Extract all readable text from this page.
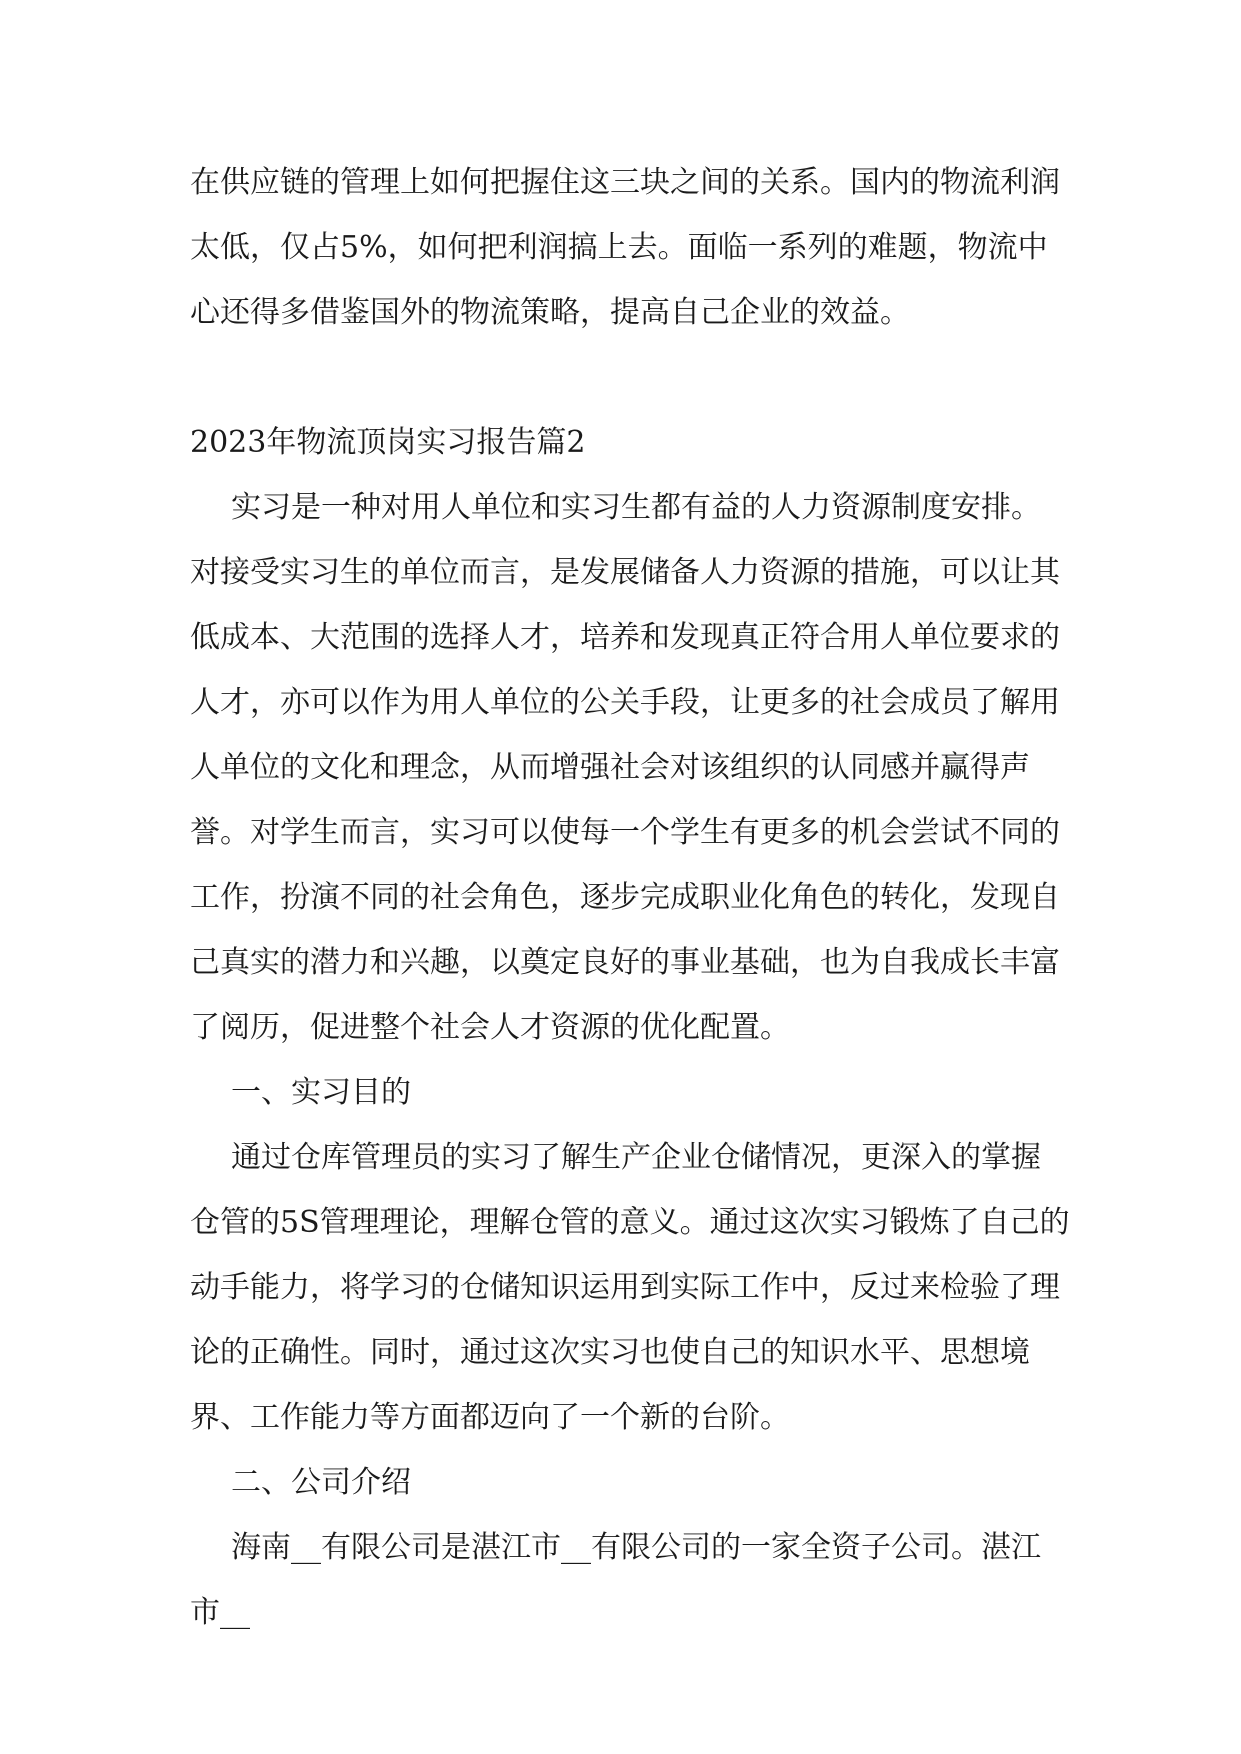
在供应链的管理上如何把握住这三块之间的关系。国内的物流利润太低，仅占5%，如何把利润搞上去。面临一系列的难题，物流中心还得多借鉴国外的物流策略，提高自己企业的效益。

2023年物流顶岗实习报告篇2

实习是一种对用人单位和实习生都有益的人力资源制度安排。对接受实习生的单位而言，是发展储备人力资源的措施，可以让其低成本、大范围的选择人才，培养和发现真正符合用人单位要求的人才，亦可以作为用人单位的公关手段，让更多的社会成员了解用人单位的文化和理念，从而增强社会对该组织的认同感并赢得声誉。对学生而言，实习可以使每一个学生有更多的机会尝试不同的工作，扮演不同的社会角色，逐步完成职业化角色的转化，发现自己真实的潜力和兴趣，以奠定良好的事业基础，也为自我成长丰富了阅历，促进整个社会人才资源的优化配置。

一、实习目的

通过仓库管理员的实习了解生产企业仓储情况，更深入的掌握仓管的5S管理理论，理解仓管的意义。通过这次实习锻炼了自己的动手能力，将学习的仓储知识运用到实际工作中，反过来检验了理论的正确性。同时，通过这次实习也使自己的知识水平、思想境界、工作能力等方面都迈向了一个新的台阶。

二、公司介绍

海南__有限公司是湛江市__有限公司的一家全资子公司。湛江市__
